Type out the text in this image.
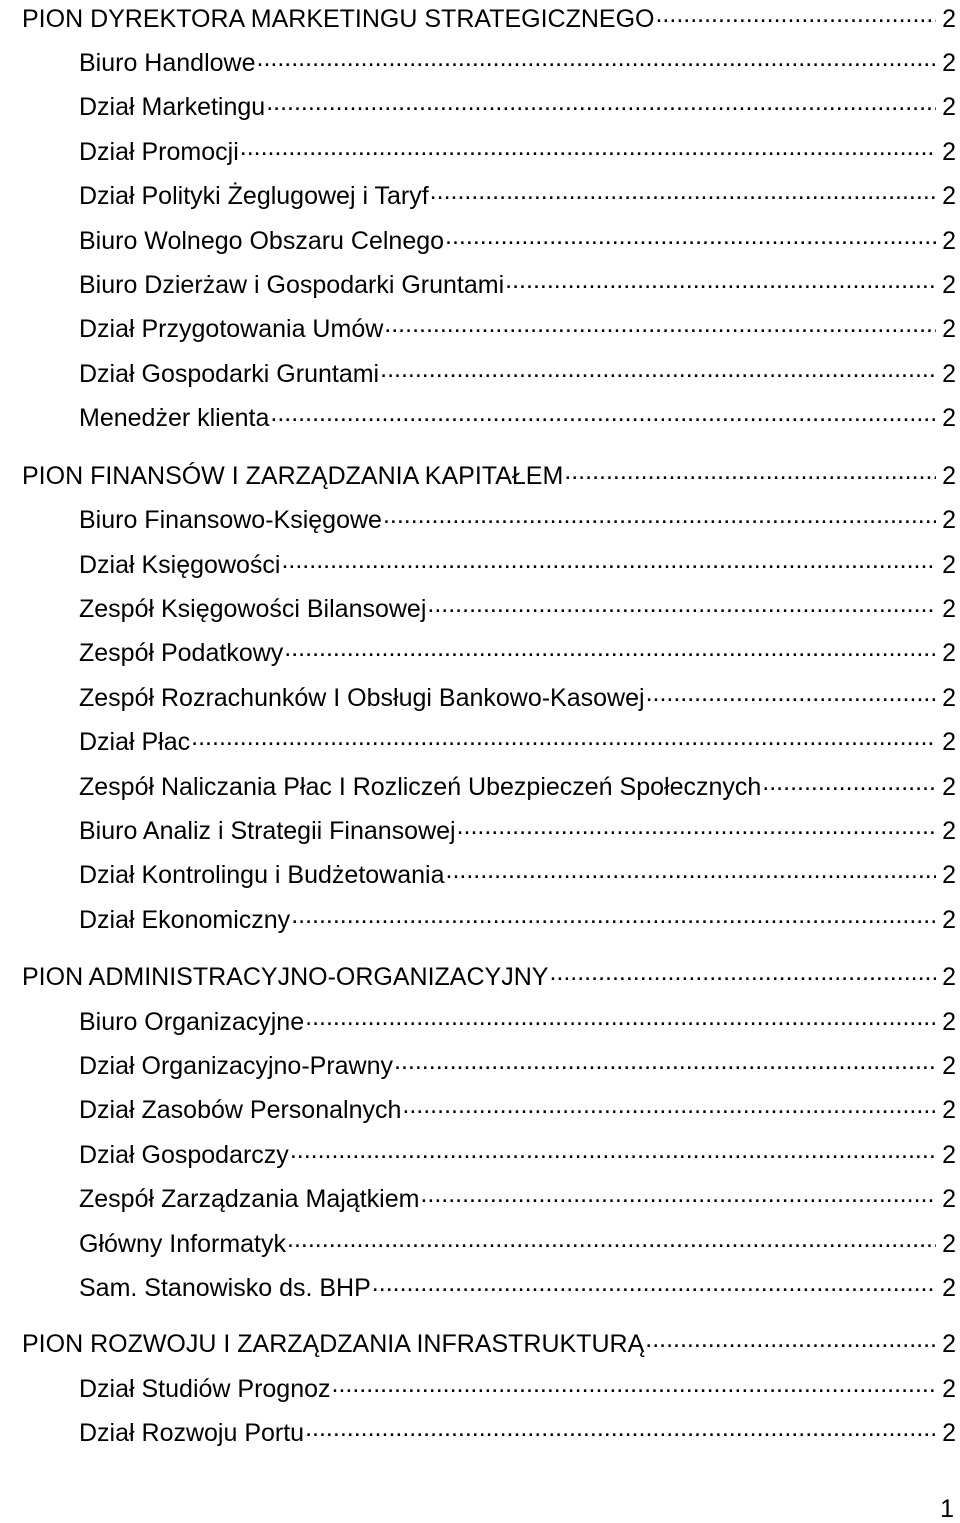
PION DYREKTORA MARKETINGU STRATEGICZNEGO .....	2
Biuro Handlowe .....	2
Dział Marketingu .....	2
Dział Promocji .....	2
Dział Polityki Żeglugowej i Taryf .....	2
Biuro Wolnego Obszaru Celnego .....	2
Biuro Dzierżaw i Gospodarki Gruntami .....	2
Dział Przygotowania Umów .....	2
Dział Gospodarki Gruntami .....	2
Menedżer klienta .....	2
PION FINANSÓW I ZARZĄDZANIA KAPITAŁEM .....	2
Biuro Finansowo-Księgowe .....	2
Dział Księgowości .....	2
Zespół Księgowości Bilansowej .....	2
Zespół Podatkowy .....	2
Zespół Rozrachunków I Obsługi Bankowo-Kasowej .....	2
Dział Płac .....	2
Zespół Naliczania Płac I Rozliczeń Ubezpieczeń Społecznych .....	2
Biuro Analiz i Strategii Finansowej .....	2
Dział Kontrolingu i Budżetowania .....	2
Dział Ekonomiczny .....	2
PION ADMINISTRACYJNO-ORGANIZACYJNY .....	2
Biuro Organizacyjne .....	2
Dział Organizacyjno-Prawny .....	2
Dział Zasobów Personalnych .....	2
Dział Gospodarczy .....	2
Zespół Zarządzania Majątkiem .....	2
Główny Informatyk .....	2
Sam. Stanowisko ds. BHP .....	2
PION ROZWOJU I ZARZĄDZANIA INFRASTRUKTURĄ .....	2
Dział Studiów Prognoz .....	2
Dział Rozwoju Portu .....	2
1
